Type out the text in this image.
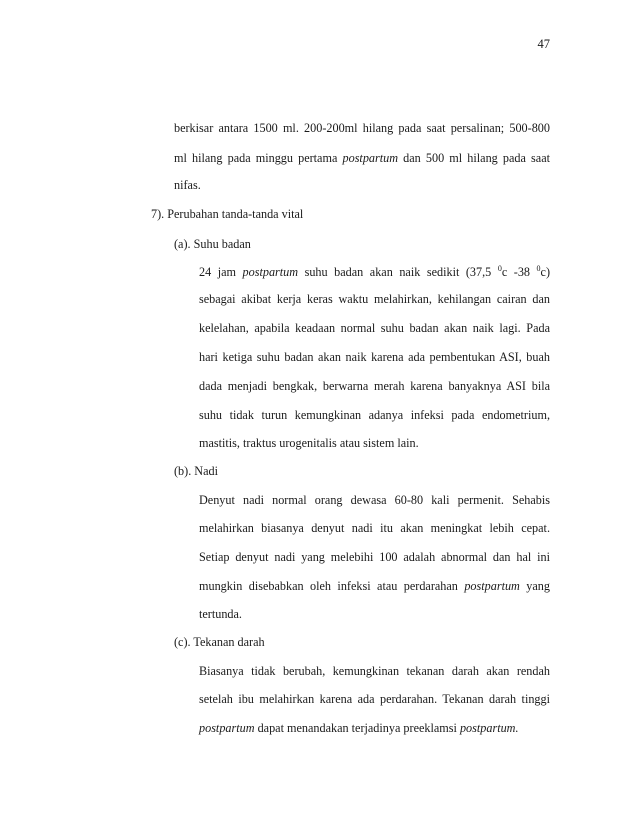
47
berkisar antara 1500 ml. 200-200ml hilang pada saat persalinan; 500-800
ml hilang pada minggu pertama postpartum dan 500 ml hilang pada saat
nifas.
7). Perubahan tanda-tanda vital
(a). Suhu badan
24 jam postpartum suhu badan akan naik sedikit (37,5 $^0$c -38 $^0$c)
sebagai akibat kerja keras waktu melahirkan, kehilangan cairan dan
kelelahan, apabila keadaan normal suhu badan akan naik lagi. Pada
hari ketiga suhu badan akan naik karena ada pembentukan ASI, buah
dada menjadi bengkak, berwarna merah karena banyaknya ASI bila
suhu tidak turun kemungkinan adanya infeksi pada endometrium,
mastitis, traktus urogenitalis atau sistem lain.
(b). Nadi
Denyut nadi normal orang dewasa 60-80 kali permenit. Sehabis
melahirkan biasanya denyut nadi itu akan meningkat lebih cepat.
Setiap denyut nadi yang melebihi 100 adalah abnormal dan hal ini
mungkin disebabkan oleh infeksi atau perdarahan postpartum yang
tertunda.
(c). Tekanan darah
Biasanya tidak berubah, kemungkinan tekanan darah akan rendah
setelah ibu melahirkan karena ada perdarahan. Tekanan darah tinggi
postpartum dapat menandakan terjadinya preeklamsi postpartum.
